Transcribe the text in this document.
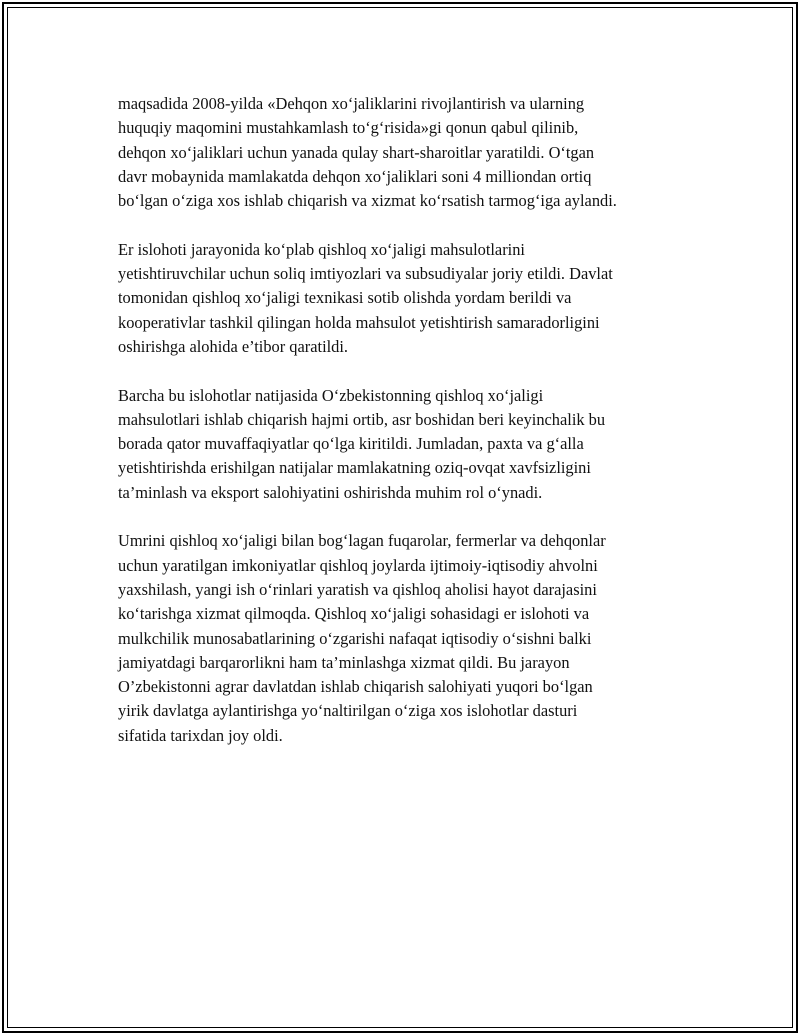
maqsadida 2008-yilda «Dehqon xo‘jaliklarini rivojlantirish va ularning
huquqiy maqomini mustahkamlash to‘g‘risida»gi qonun qabul qilinib,
dehqon xo‘jaliklari uchun yanada qulay shart-sharoitlar yaratildi. O‘tgan
davr mobaynida mamlakatda dehqon xo‘jaliklari soni 4 milliondan ortiq
bo‘lgan o‘ziga xos ishlab chiqarish va xizmat ko‘rsatish tarmog‘iga aylandi.

Er islohoti jarayonida ko‘plab qishloq xo‘jaligi mahsulotlarini
yetishtiruvchilar uchun soliq imtiyozlari va subsudiyalar joriy etildi. Davlat
tomonidan qishloq xo‘jaligi texnikasi sotib olishda yordam berildi va
kooperativlar tashkil qilingan holda mahsulot yetishtirish samaradorligini
oshirishga alohida e’tibor qaratildi.

Barcha bu islohotlar natijasida O‘zbekistonning qishloq xo‘jaligi
mahsulotlari ishlab chiqarish hajmi ortib, asr boshidan beri keyinchalik bu
borada qator muvaffaqiyatlar qo‘lga kiritildi. Jumladan, paxta va g‘alla
yetishtirishda erishilgan natijalar mamlakatning oziq-ovqat xavfsizligini
ta’minlash va eksport salohiyatini oshirishda muhim rol o‘ynadi.

Umrini qishloq xo‘jaligi bilan bog‘lagan fuqarolar, fermerlar va dehqonlar
uchun yaratilgan imkoniyatlar qishloq joylarda ijtimoiy-iqtisodiy ahvolni
yaxshilash, yangi ish o‘rinlari yaratish va qishloq aholisi hayot darajasini
ko‘tarishga xizmat qilmoqda. Qishloq xo‘jaligi sohasidagi er islohoti va
mulkchilik munosabatlarining o‘zgarishi nafaqat iqtisodiy o‘sishni balki
jamiyatdagi barqarorlikni ham ta’minlashga xizmat qildi. Bu jarayon
O’zbekistonni agrar davlatdan ishlab chiqarish salohiyati yuqori bo‘lgan
yirik davlatga aylantirishga yo‘naltirilgan o‘ziga xos islohotlar dasturi
sifatida tarixdan joy oldi.
